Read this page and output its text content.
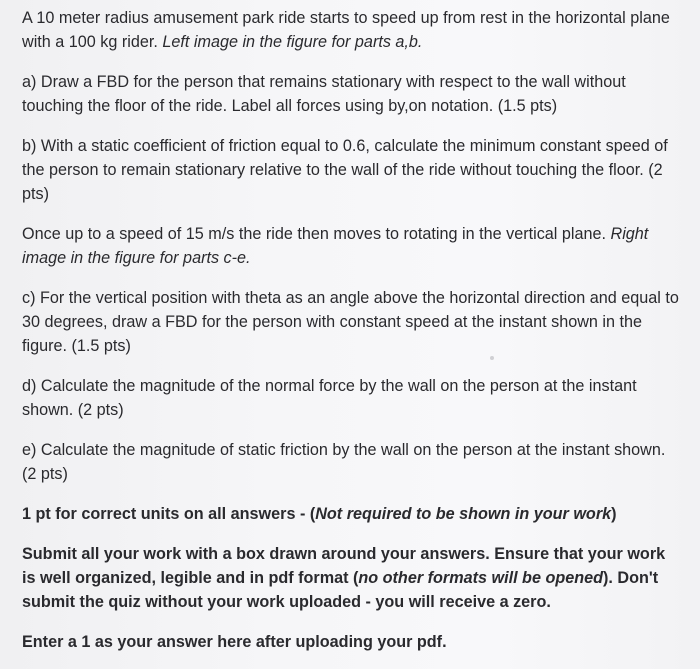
A 10 meter radius amusement park ride starts to speed up from rest in the horizontal plane with a 100 kg rider. Left image in the figure for parts a,b.

a) Draw a FBD for the person that remains stationary with respect to the wall without touching the floor of the ride. Label all forces using by,on notation. (1.5 pts)

b) With a static coefficient of friction equal to 0.6, calculate the minimum constant speed of the person to remain stationary relative to the wall of the ride without touching the floor. (2 pts)

Once up to a speed of 15 m/s the ride then moves to rotating in the vertical plane. Right image in the figure for parts c-e.

c) For the vertical position with theta as an angle above the horizontal direction and equal to 30 degrees, draw a FBD for the person with constant speed at the instant shown in the figure. (1.5 pts)

d) Calculate the magnitude of the normal force by the wall on the person at the instant shown. (2 pts)

e) Calculate the magnitude of static friction by the wall on the person at the instant shown. (2 pts)

1 pt for correct units on all answers - (Not required to be shown in your work)

Submit all your work with a box drawn around your answers. Ensure that your work is well organized, legible and in pdf format (no other formats will be opened). Don't submit the quiz without your work uploaded - you will receive a zero.

Enter a 1 as your answer here after uploading your pdf.
